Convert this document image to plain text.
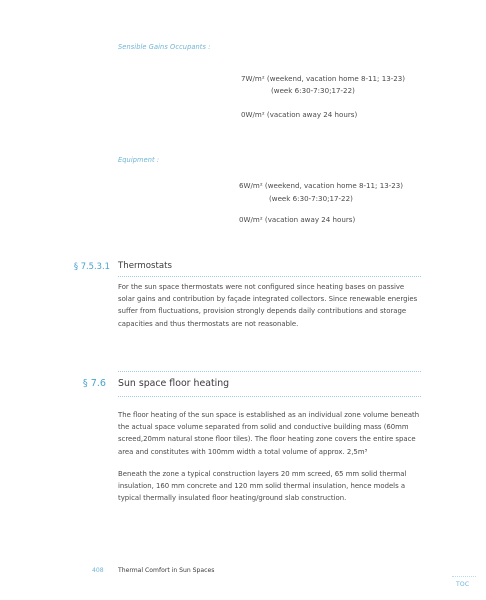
Sensible Gains Occupants :
7W/m² (weekend, vacation home 8-11; 13-23)
(week 6:30-7:30;17-22)
0W/m² (vacation away 24 hours)
Equipment :
6W/m² (weekend, vacation home 8-11; 13-23)
(week 6:30-7:30;17-22)
0W/m² (vacation away 24 hours)
§ 7.5.3.1 Thermostats

For the sun space thermostats were not configured since heating bases on passive

solar gains and contribution by façade integrated collectors. Since renewable energies

suffer from fluctuations, provision strongly depends daily contributions and storage

capacities and thus thermostats are not reasonable.

§ 7.6 Sun space floor heating

The floor heating of the sun space is established as an individual zone volume beneath

the actual space volume separated from solid and conductive building mass (60mm

screed,20mm natural stone floor tiles). The floor heating zone covers the entire space

area and constitutes with 100mm width a total volume of approx. 2,5m³

Beneath the zone a typical construction layers 20 mm screed, 65 mm solid thermal

insulation, 160 mm concrete and 120 mm solid thermal insulation, hence models a

typical thermally insulated floor heating/ground slab construction.

408 Thermal Comfort in Sun Spaces
TOC
